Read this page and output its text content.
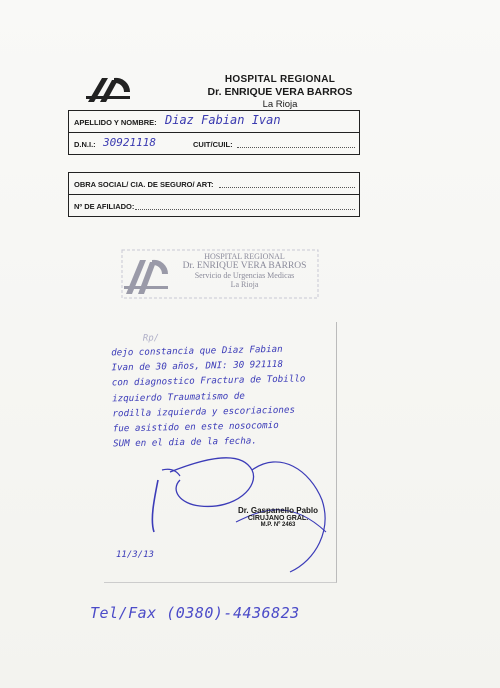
HOSPITAL REGIONAL
Dr. ENRIQUE VERA BARROS
La Rioja
APELLIDO Y NOMBRE: Diaz Fabian Ivan
D.N.I.: 30921118	CUIT/CUIL:
OBRA SOCIAL/ CIA. DE SEGURO/ ART:
Nº DE AFILIADO:
HOSPITAL REGIONAL
Dr. ENRIQUE VERA BARROS
Servicio de Urgencias Medicas
La Rioja
Rp/
dejo constancia que Diaz Fabian
Ivan de 30 años, DNI: 30 921118
con diagnostico Fractura de Tobillo
izquierdo Traumatismo de
rodilla izquierda y escoriaciones
fue asistido en este nosocomio
SUM en el dia de la fecha.
Dr. Gaspanello Pablo
CIRUJANO GRAL.
M.P. Nº 2463
11/3/13
Tel/Fax (0380)-4436823
